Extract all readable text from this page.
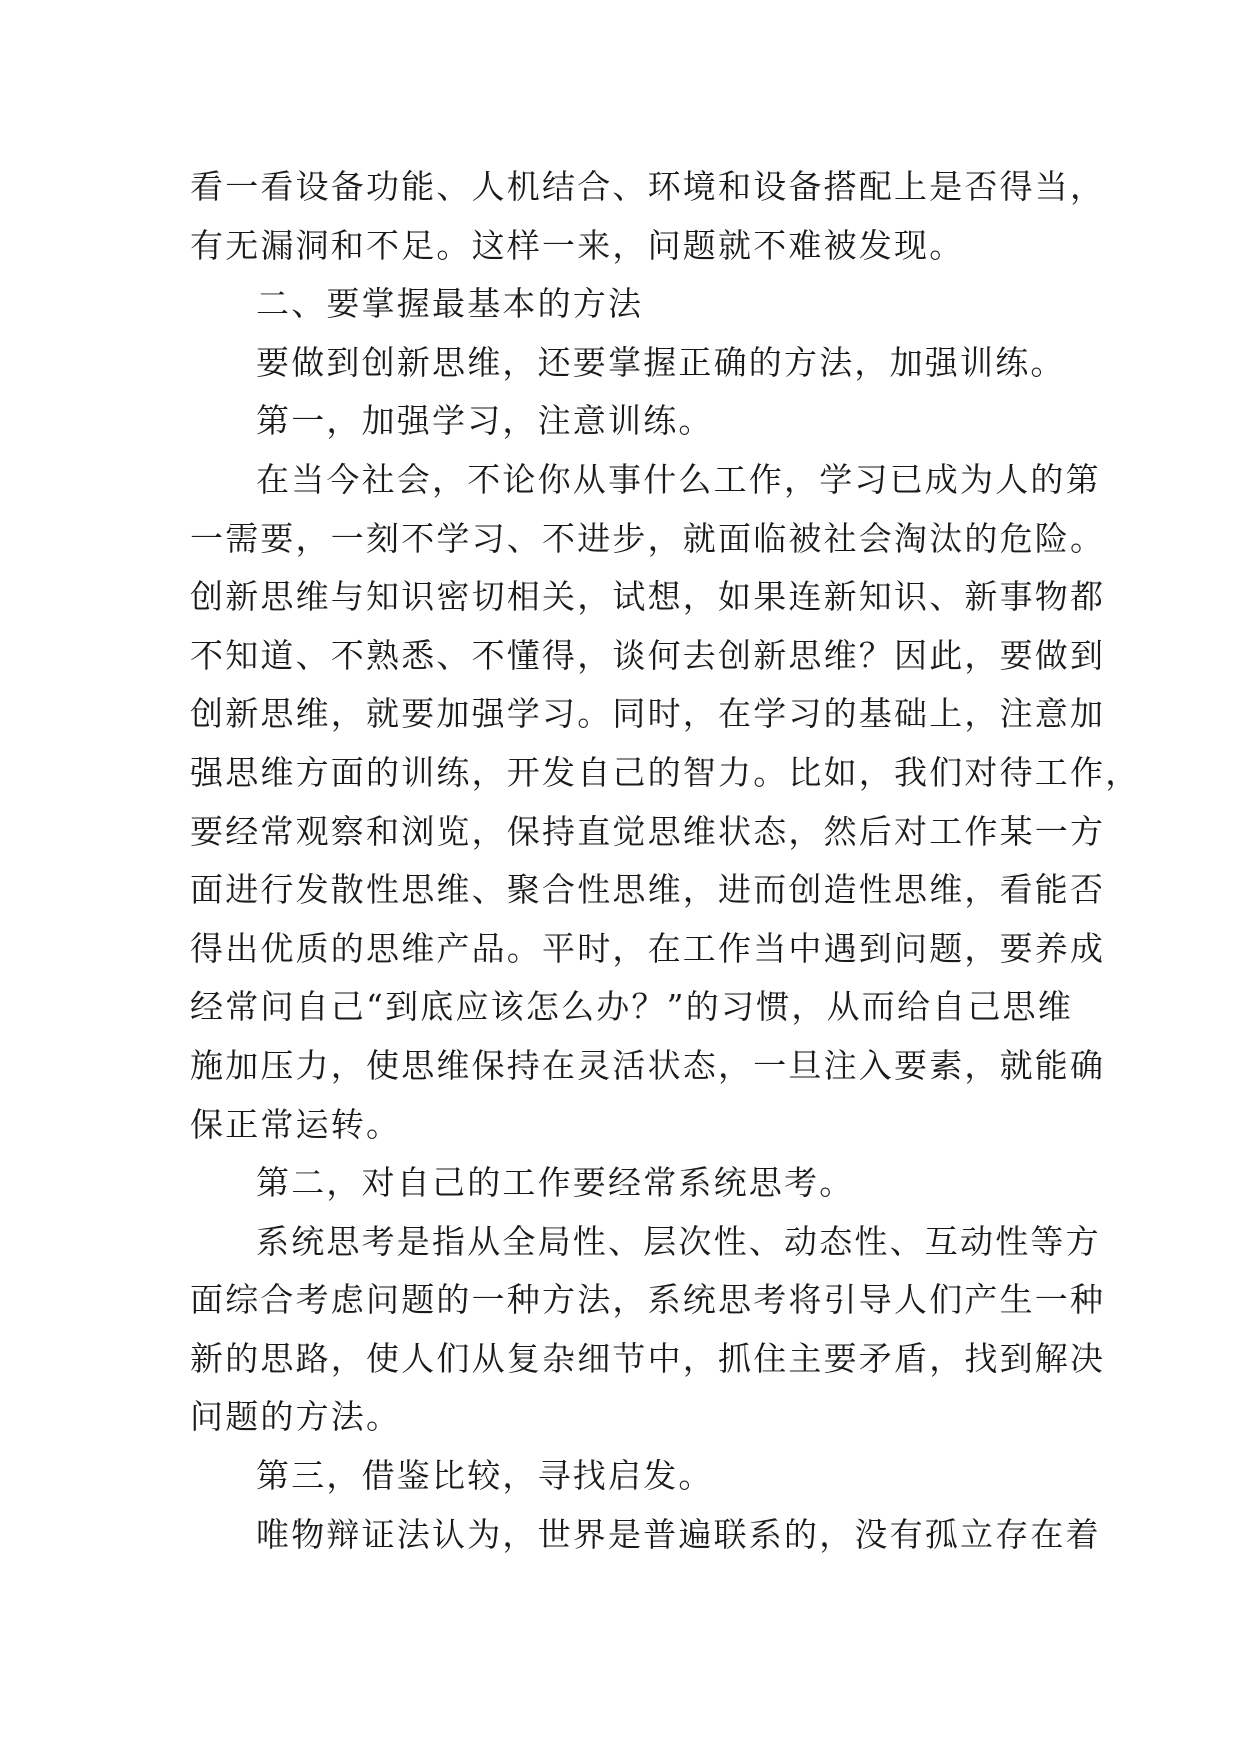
看一看设备功能、人机结合、环境和设备搭配上是否得当，
有无漏洞和不足。这样一来，问题就不难被发现。

二、要掌握最基本的方法

要做到创新思维，还要掌握正确的方法，加强训练。

第一，加强学习，注意训练。

在当今社会，不论你从事什么工作，学习已成为人的第
一需要，一刻不学习、不进步，就面临被社会淘汰的危险。
创新思维与知识密切相关，试想，如果连新知识、新事物都
不知道、不熟悉、不懂得，谈何去创新思维？因此，要做到
创新思维，就要加强学习。同时，在学习的基础上，注意加
强思维方面的训练，开发自己的智力。比如，我们对待工作，
要经常观察和浏览，保持直觉思维状态，然后对工作某一方
面进行发散性思维、聚合性思维，进而创造性思维，看能否
得出优质的思维产品。平时，在工作当中遇到问题，要养成
经常问自己“到底应该怎么办？”的习惯，从而给自己思维
施加压力，使思维保持在灵活状态，一旦注入要素，就能确
保正常运转。

第二，对自己的工作要经常系统思考。

系统思考是指从全局性、层次性、动态性、互动性等方
面综合考虑问题的一种方法，系统思考将引导人们产生一种
新的思路，使人们从复杂细节中，抓住主要矛盾，找到解决
问题的方法。

第三，借鉴比较，寻找启发。

唯物辩证法认为，世界是普遍联系的，没有孤立存在着
